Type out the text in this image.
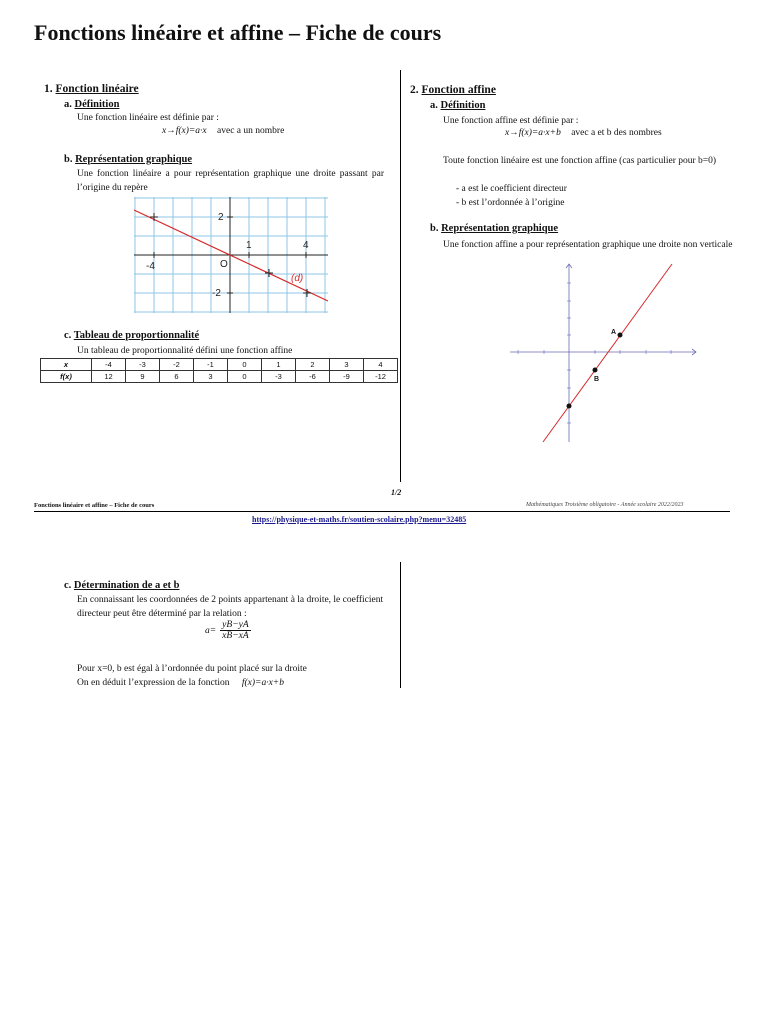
Fonctions linéaire et affine – Fiche de cours
1. Fonction linéaire
a. Définition
Une fonction linéaire est définie par :
x→f(x)=a·x avec a un nombre
b. Représentation graphique
Une fonction linéaire a pour représentation graphique une droite passant par l’origine du repère
2
1	4
-4	O
-2
(d)
c. Tableau de proportionnalité
Un tableau de proportionnalité défini une fonction affine
x	-4	-3	-2	-1	0	1	2	3	4
f(x)	12	9	6	3	0	-3	-6	-9	-12
2. Fonction affine
a. Définition
Une fonction affine est définie par :
x→f(x)=a·x+b avec a et b des nombres
Toute fonction linéaire est une fonction affine (cas particulier pour b=0)
- a est le coefficient directeur
- b est l’ordonnée à l’origine
b. Représentation graphique
Une fonction affine a pour représentation graphique une droite non verticale
A
B
1/2
Fonctions linéaire et affine – Fiche de cours	Mathématiques Troisième obligatoire - Année scolaire 2022/2023
https://physique-et-maths.fr/soutien-scolaire.php?menu=32485
c. Détermination de a et b
En connaissant les coordonnées de 2 points appartenant à la droite, le coefficient directeur peut être déterminé par la relation :
$a= \frac{yB-yA}{xB-xA}$
Pour x=0, b est égal à l’ordonnée du point placé sur la droite
On en déduit l’expression de la fonction f(x)=a·x+b
